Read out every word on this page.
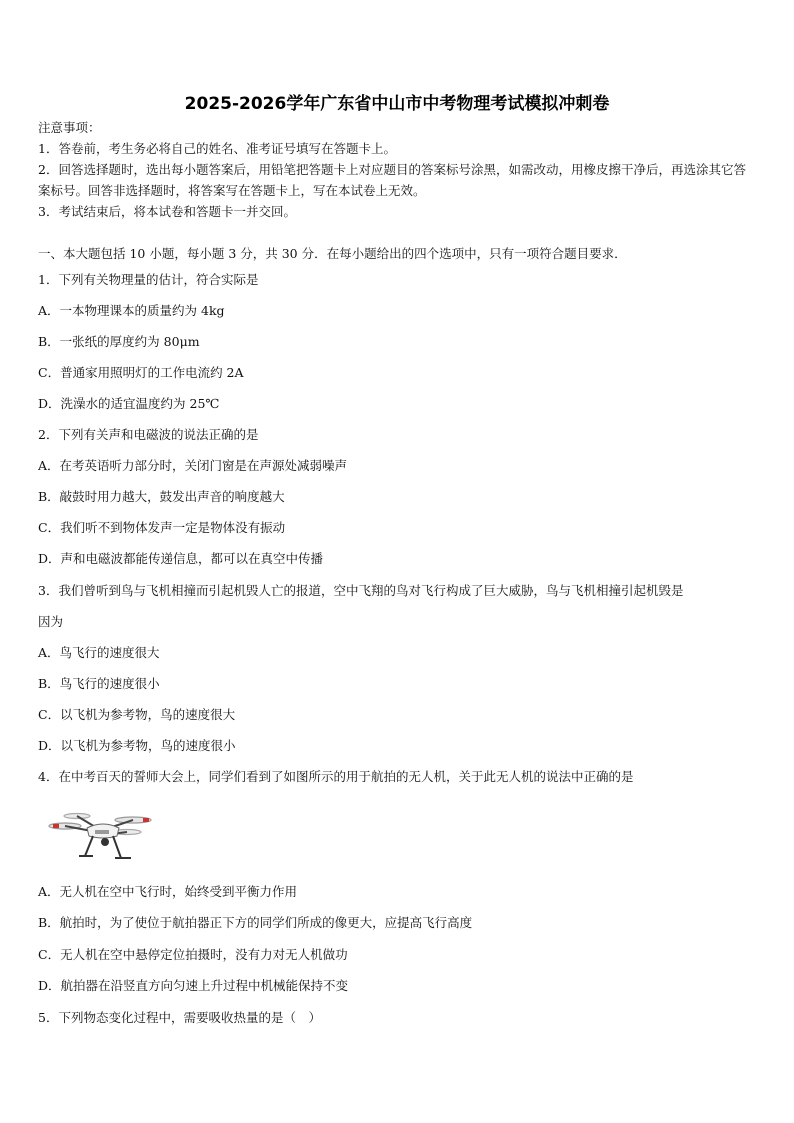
2025-2026学年广东省中山市中考物理考试模拟冲刺卷
注意事项：
1．答卷前，考生务必将自己的姓名、准考证号填写在答题卡上。
2．回答选择题时，选出每小题答案后，用铅笔把答题卡上对应题目的答案标号涂黑，如需改动，用橡皮擦干净后，再选涂其它答案标号。回答非选择题时，将答案写在答题卡上，写在本试卷上无效。
3．考试结束后，将本试卷和答题卡一并交回。
一、本大题包括 10 小题，每小题 3 分，共 30 分．在每小题给出的四个选项中，只有一项符合题目要求．
1．下列有关物理量的估计，符合实际是
A．一本物理课本的质量约为 4kg
B．一张纸的厚度约为 80μm
C．普通家用照明灯的工作电流约 2A
D．洗澡水的适宜温度约为 25℃
2．下列有关声和电磁波的说法正确的是
A．在考英语听力部分时，关闭门窗是在声源处减弱噪声
B．敲鼓时用力越大，鼓发出声音的响度越大
C．我们听不到物体发声一定是物体没有振动
D．声和电磁波都能传递信息，都可以在真空中传播
3．我们曾听到鸟与飞机相撞而引起机毁人亡的报道，空中飞翔的鸟对飞行构成了巨大威胁，鸟与飞机相撞引起机毁是
因为
A．鸟飞行的速度很大
B．鸟飞行的速度很小
C．以飞机为参考物，鸟的速度很大
D．以飞机为参考物，鸟的速度很小
4．在中考百天的誓师大会上，同学们看到了如图所示的用于航拍的无人机，关于此无人机的说法中正确的是
A．无人机在空中飞行时，始终受到平衡力作用
B．航拍时，为了使位于航拍器正下方的同学们所成的像更大，应提高飞行高度
C．无人机在空中悬停定位拍摄时，没有力对无人机做功
D．航拍器在沿竖直方向匀速上升过程中机械能保持不变
5．下列物态变化过程中，需要吸收热量的是（　）
